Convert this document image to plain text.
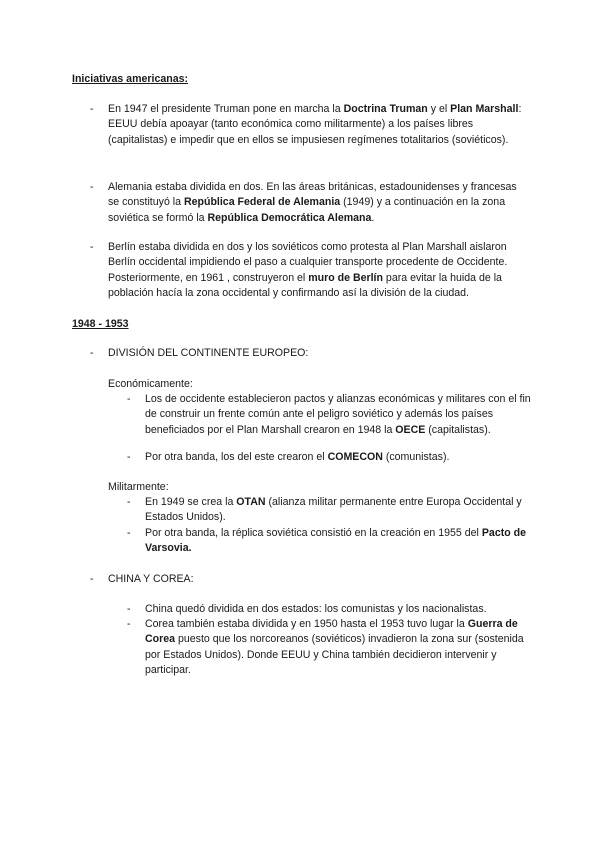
Iniciativas americanas:
- En 1947 el presidente Truman pone en marcha la Doctrina Truman y el Plan Marshall: EEUU debía apoayar (tanto económica como militarmente) a los países libres (capitalistas) e impedir que en ellos se impusiesen regímenes totalitarios (soviéticos).
- Alemania estaba dividida en dos. En las áreas británicas, estadounidenses y francesas se constituyó la República Federal de Alemania (1949) y a continuación en la zona soviética se formó la República Democrática Alemana.
- Berlín estaba dividida en dos y los soviéticos como protesta al Plan Marshall aislaron Berlín occidental impidiendo el paso a cualquier transporte procedente de Occidente. Posteriormente, en 1961 , construyeron el muro de Berlín para evitar la huida de la población hacía la zona occidental y confirmando así la división de la ciudad.
1948 - 1953
- DIVISIÓN DEL CONTINENTE EUROPEO:
Económicamente:
- Los de occidente establecieron pactos y alianzas económicas y militares con el fin de construir un frente común ante el peligro soviético y además los países beneficiados por el Plan Marshall crearon en 1948 la OECE (capitalistas).
- Por otra banda, los del este crearon el COMECON (comunistas).
Militarmente:
- En 1949 se crea la OTAN (alianza militar permanente entre Europa Occidental y Estados Unidos).
- Por otra banda, la réplica soviética consistió en la creación en 1955 del Pacto de Varsovia.
- CHINA Y COREA:
- China quedó dividida en dos estados: los comunistas y los nacionalistas.
- Corea también estaba dividida y en 1950 hasta el 1953 tuvo lugar la Guerra de Corea puesto que los norcoreanos (soviéticos) invadieron la zona sur (sostenida por Estados Unidos). Donde EEUU y China también decidieron intervenir y participar.
